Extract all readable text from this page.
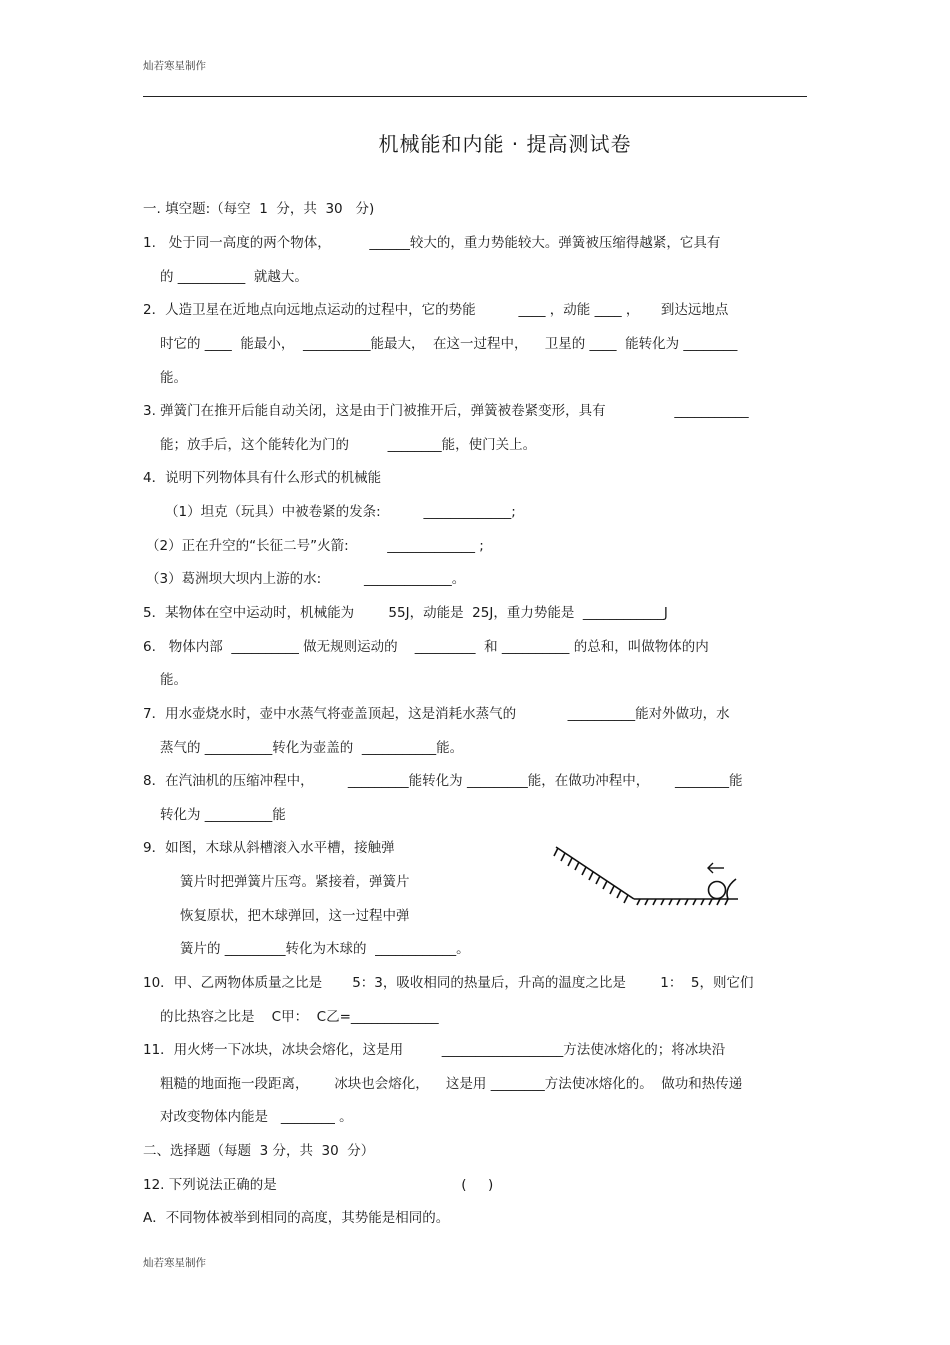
灿若寒星制作
机械能和内能 · 提高测试卷
一. 填空题:（每空  1  分，共  30   分)
1.   处于同一高度的两个物体，         ______较大的，重力势能较大。弹簧被压缩得越紧，它具有
的 __________  就越大。
2．人造卫星在近地点向远地点运动的过程中，它的势能          ____ ，动能 ____ ，     到达远地点
时它的 ____  能最小，  __________能最大，  在这一过程中，    卫星的 ____  能转化为 ________
能。
3. 弹簧门在推开后能自动关闭，这是由于门被推开后，弹簧被卷紧变形，具有                ___________
能；放手后，这个能转化为门的         ________能，使门关上。
4．说明下列物体具有什么形式的机械能
（1）坦克（玩具）中被卷紧的发条:          _____________;
（2）正在升空的“长征二号”火箭:         _____________ ;
（3）葛洲坝大坝内上游的水:          _____________。
5．某物体在空中运动时，机械能为        55J，动能是  25J，重力势能是  ____________J
6.   物体内部  __________ 做无规则运动的    _________  和 __________ 的总和，叫做物体的内
能。
7．用水壶烧水时，壶中水蒸气将壶盖顶起，这是消耗水蒸气的            __________能对外做功，水
蒸气的 __________转化为壶盖的  ___________能。
8．在汽油机的压缩冲程中，        _________能转化为 _________能，在做功冲程中，      ________能
转化为 __________能
9．如图，木球从斜槽滚入水平槽，接触弹
簧片时把弹簧片压弯。紧接着，弹簧片
恢复原状，把木球弹回，这一过程中弹
簧片的 _________转化为木球的  ____________。
10．甲、乙两物体质量之比是       5：3，吸收相同的热量后，升高的温度之比是        1：  5，则它们
的比热容之比是    C甲：  C乙=_____________
11．用火烤一下冰块，冰块会熔化，这是用         __________________方法使冰熔化的；将冰块沿
粗糙的地面拖一段距离，      冰块也会熔化，    这是用 ________方法使冰熔化的。  做功和热传递
对改变物体内能是   ________ 。
二、选择题（每题  3 分，共  30  分）
12. 下列说法正确的是                                           (     )
A．不同物体被举到相同的高度，其势能是相同的。
灿若寒星制作
